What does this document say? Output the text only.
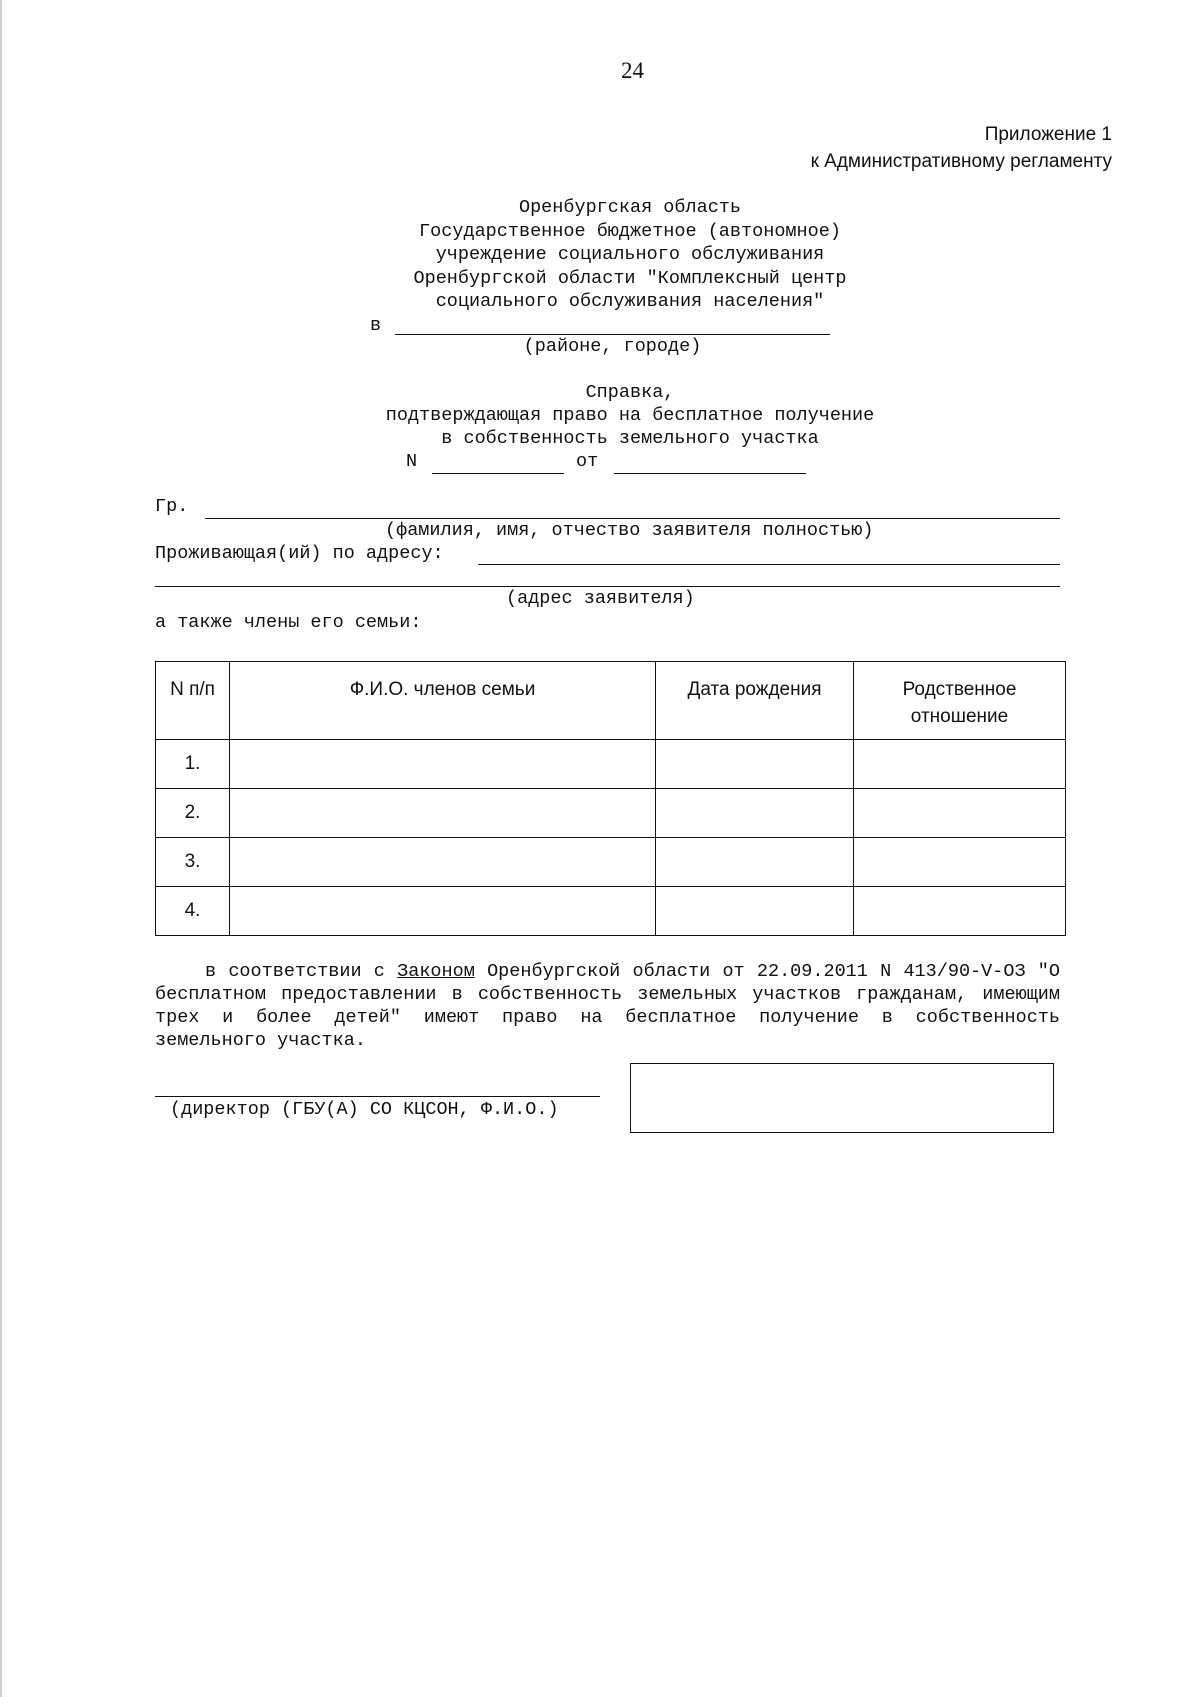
24
Приложение 1
к Административному регламенту
Оренбургская область
Государственное бюджетное (автономное)
учреждение социального обслуживания
Оренбургской области "Комплексный центр
социального обслуживания населения"
в
(районе, городе)
Справка,
подтверждающая право на бесплатное получение
в собственность земельного участка
N	от
Гр.
(фамилия, имя, отчество заявителя полностью)
Проживающая(ий) по адресу:
(адрес заявителя)
а также члены его семьи:
N п/п	Ф.И.О. членов семьи	Дата рождения	Родственное отношение
1.			
2.			
3.			
4.			
в соответствии с Законом Оренбургской области от 22.09.2011 N 413/90-V-ОЗ "О бесплатном предоставлении в собственность земельных участков гражданам, имеющим трех и более детей" имеют право на бесплатное получение в собственность земельного участка.
(директор (ГБУ(А) СО КЦСОН, Ф.И.О.)
